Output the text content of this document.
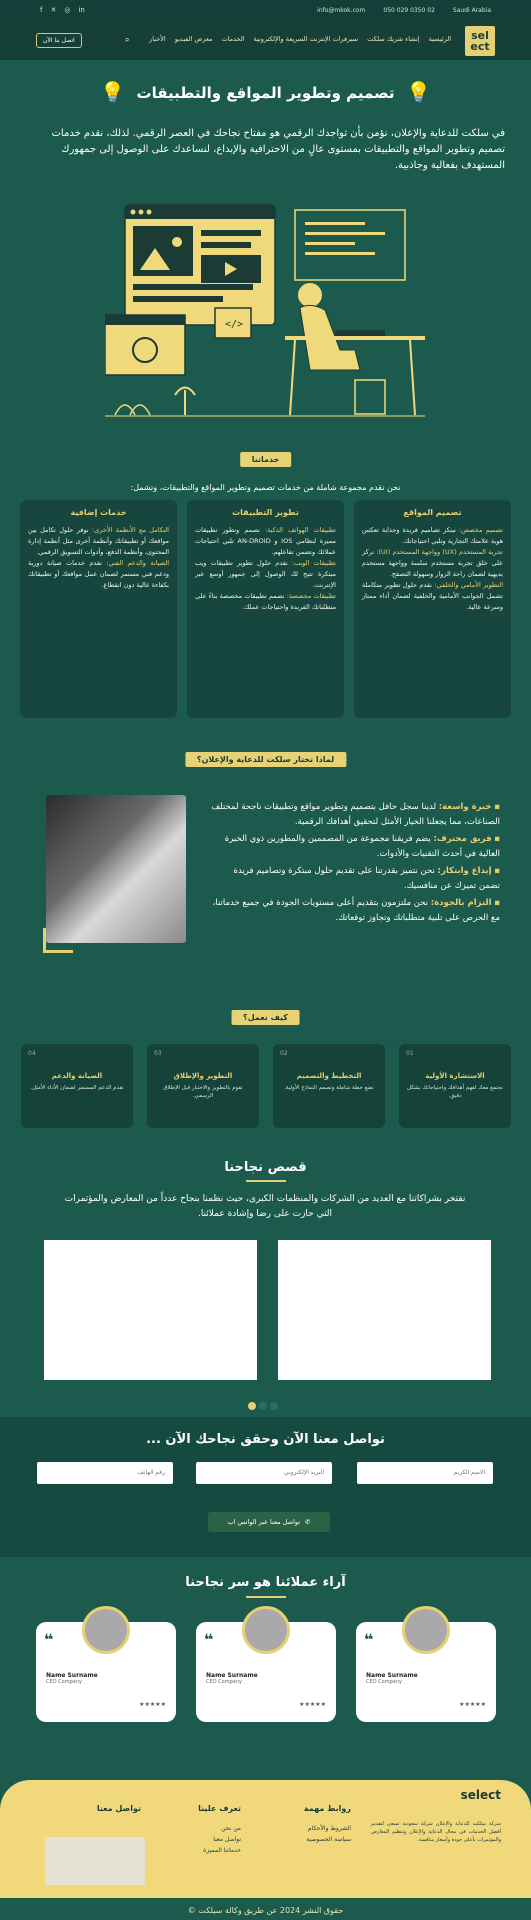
f ✕ ◎ in	info@mkok.com	050 029 0350 02	Saudi Arabia
sel
ect
الرئيسية
إنشاء شريك سلكت
سيرفرات الإنترنت السريعة والإلكترونية
الخدمات
معرض الفيديو
الأخبار
⌕
اتصل بنا الآن
💡	💡
تصميم وتطوير المواقع والتطبيقات

في سلكت للدعاية والإعلان، نؤمن بأن تواجدك الرقمي هو مفتاح نجاحك في العصر الرقمي. لذلك، نقدم خدمات تصميم وتطوير المواقع والتطبيقات بمستوى عالٍ من الاحترافية والإبداع، لنساعدك على الوصول إلى جمهورك المستهدف بفعالية وجاذبية.

</>
خدماتنا
نحن نقدم مجموعة شاملة من خدمات تصميم وتطوير المواقع والتطبيقات، وتشمل:
تصميم المواقع

تصميم مخصص: نبتكر تصاميم فريدة وجذابة تعكس هوية علامتك التجارية وتلبي احتياجاتك.

تجربة المستخدم (UX) وواجهة المستخدم (UI): نركز على خلق تجربة مستخدم سلسة وواجهة مستخدم بديهية لضمان راحة الزوار وسهولة التصفح.

التطوير الأمامي والخلفي: نقدم حلول تطوير متكاملة تشمل الجوانب الأمامية والخلفية لضمان أداء ممتاز وسرعة عالية.

تطوير التطبيقات

تطبيقات الهواتف الذكية: نصمم ونطور تطبيقات مميزة لنظامي IOS و AN-DROID تلبي احتياجات عملائك وتضمن تفاعلهم.

تطبيقات الويب: نقدم حلول تطوير تطبيقات ويب مبتكرة تتيح لك الوصول إلى جمهور أوسع عبر الإنترنت.

تطبيقات مخصصة: نصمم تطبيقات مخصصة بناءً على متطلباتك الفريدة واحتياجات عملك.

خدمات إضافية

التكامل مع الأنظمة الأخرى: نوفر حلول تكامل بين مواقعك أو تطبيقاتك وأنظمة أخرى مثل أنظمة إدارة المحتوى، وأنظمة الدفع، وأدوات التسويق الرقمي.

الصيانة والدعم الفني: نقدم خدمات صيانة دورية ودعم فني مستمر لضمان عمل مواقعك أو تطبيقاتك بكفاءة عالية دون انقطاع.

لماذا تختار سلكت للدعاية والإعلان؟
▪ خبرة واسعة: لدينا سجل حافل بتصميم وتطوير مواقع وتطبيقات ناجحة لمختلف الصناعات، مما يجعلنا الخيار الأمثل لتحقيق أهدافك الرقمية.
▪ فريق محترف: يضم فريقنا مجموعة من المصممين والمطورين ذوي الخبرة العالية في أحدث التقنيات والأدوات.
▪ إبداع وابتكار: نحن نتميز بقدرتنا على تقديم حلول مبتكرة وتصاميم فريدة تضمن تميزك عن منافسيك.
▪ التزام بالجودة: نحن ملتزمون بتقديم أعلى مستويات الجودة في جميع خدماتنا، مع الحرص على تلبية متطلباتك وتجاوز توقعاتك.
كيف نعمل؟
01
الاستشارة الأولية

نجتمع معك لفهم أهدافك واحتياجاتك بشكل دقيق.

02
التخطيط والتصميم

نضع خطة شاملة ونصمم النماذج الأولية.

03
التطوير والإطلاق

نقوم بالتطوير والاختبار قبل الإطلاق الرسمي.

04
الصيانة والدعم

نقدم الدعم المستمر لضمان الأداء الأمثل.

قصص نجاحنا

نفتخر بشراكاتنا مع العديد من الشركات والمنظمات الكبرى، حيث نظمنا بنجاح عدداً من المعارض والمؤتمرات التي حازت على رضا وإشادة عملائنا.

تواصل معنا الآن وحقق نجاحك الآن ...
الاسم الكريم
البريد الإلكتروني
رقم الهاتف
✆
تواصل معنا عبر الواتس اب
آراء عملائنا هو سر نجاحنا
❝
Name Surname
CEO Company
★★★★★
❝
Name Surname
CEO Company
★★★★★
❝
Name Surname
CEO Company
★★★★★
select

شركة سلكت للدعاية والإعلان شركة سعودية تسعى لتقديم أفضل الخدمات في مجال الدعاية والإعلان وتنظيم المعارض والمؤتمرات بأعلى جودة وأسعار منافسة.

روابط مهمة
الشروط والأحكام
سياسة الخصوصية
تعرف علينا
من نحن
تواصل معنا
خدماتنا المميزة
تواصل معنا
حقوق النشر 2024 عن طريق وكالة سيلكت ©
